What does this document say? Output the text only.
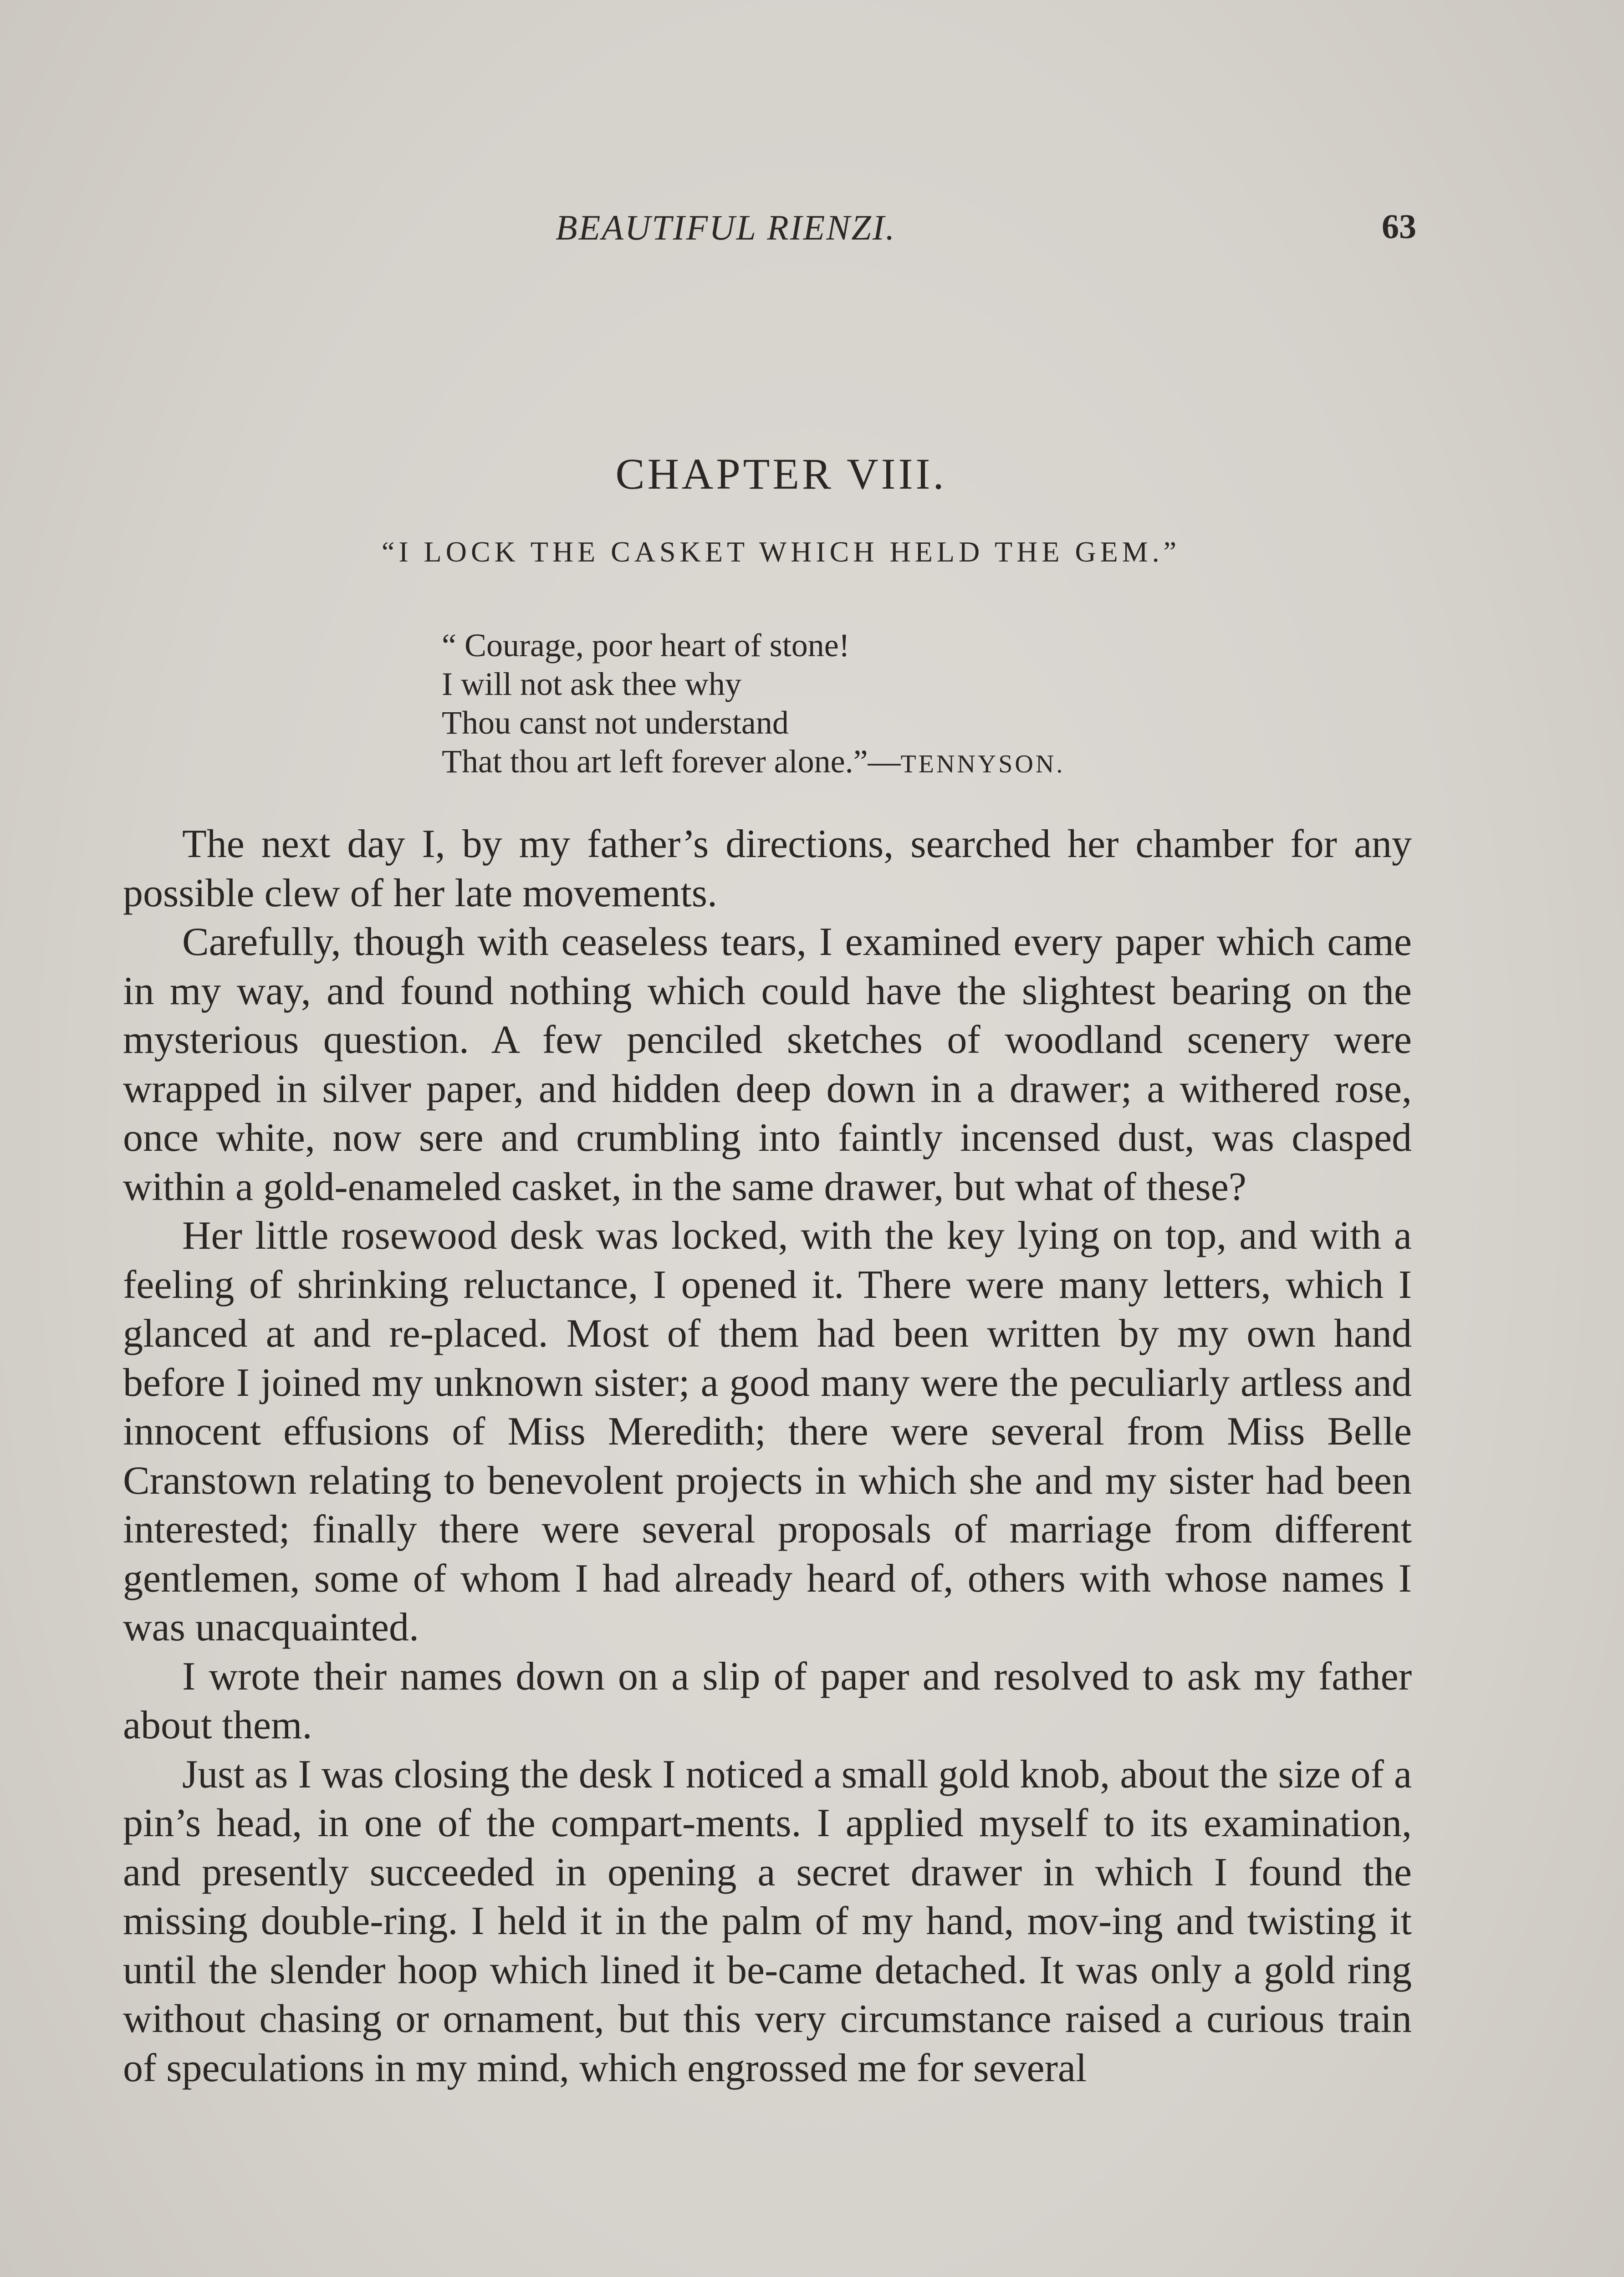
BEAUTIFUL RIENZI.	63
CHAPTER VIII.
“I LOCK THE CASKET WHICH HELD THE GEM.”
“ Courage, poor heart of stone!
I will not ask thee why
Thou canst not understand
That thou art left forever alone.”—TENNYSON.

The next day I, by my father’s directions, searched her chamber for any possible clew of her late movements.

Carefully, though with ceaseless tears, I examined every paper which came in my way, and found nothing which could have the slightest bearing on the mysterious question. A few penciled sketches of woodland scenery were wrapped in silver paper, and hidden deep down in a drawer; a withered rose, once white, now sere and crumbling into faintly incensed dust, was clasped within a gold-enameled casket, in the same drawer, but what of these?

Her little rosewood desk was locked, with the key lying on top, and with a feeling of shrinking reluctance, I opened it. There were many letters, which I glanced at and re-placed. Most of them had been written by my own hand before I joined my unknown sister; a good many were the peculiarly artless and innocent effusions of Miss Meredith; there were several from Miss Belle Cranstown relating to benevolent projects in which she and my sister had been interested; finally there were several proposals of marriage from different gentlemen, some of whom I had already heard of, others with whose names I was unacquainted.

I wrote their names down on a slip of paper and resolved to ask my father about them.

Just as I was closing the desk I noticed a small gold knob, about the size of a pin’s head, in one of the compart-ments. I applied myself to its examination, and presently succeeded in opening a secret drawer in which I found the missing double-ring. I held it in the palm of my hand, mov-ing and twisting it until the slender hoop which lined it be-came detached. It was only a gold ring without chasing or ornament, but this very circumstance raised a curious train of speculations in my mind, which engrossed me for several
